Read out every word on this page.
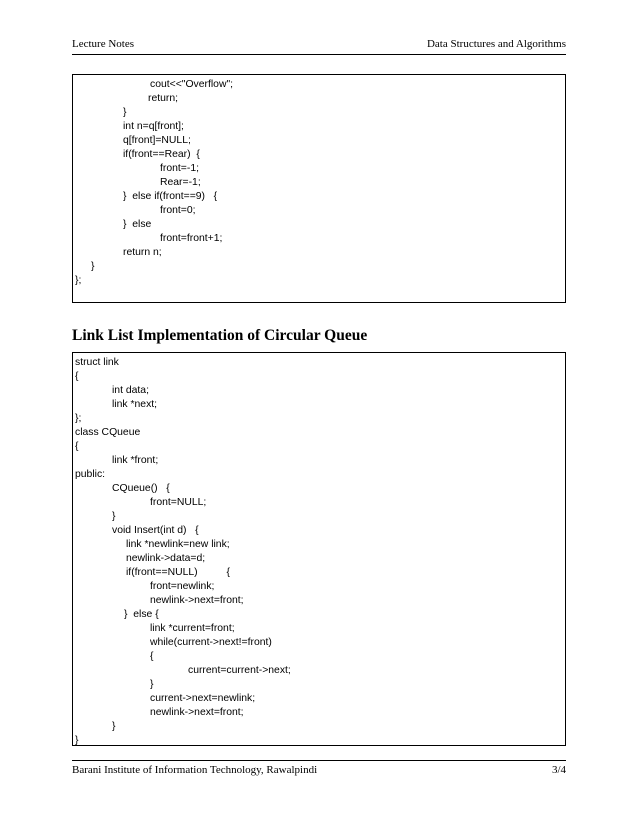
Lecture Notes	Data Structures and Algorithms
cout<<"Overflow";
return;
}
int n=q[front];
q[front]=NULL;
if(front==Rear)  {
front=-1;
Rear=-1;
}  else if(front==9)   {
front=0;
}  else
front=front+1;
return n;
}
};
Link List Implementation of Circular Queue
struct link
{
int data;
link *next;
};
class CQueue
{
link *front;
public:
CQueue()   {
front=NULL;
}
void Insert(int d)   {
link *newlink=new link;
newlink->data=d;
if(front==NULL)          {
front=newlink;
newlink->next=front;
}  else {
link *current=front;
while(current->next!=front)
{
current=current->next;
}
current->next=newlink;
newlink->next=front;
}
}
Barani Institute of Information Technology, Rawalpindi	3/4
